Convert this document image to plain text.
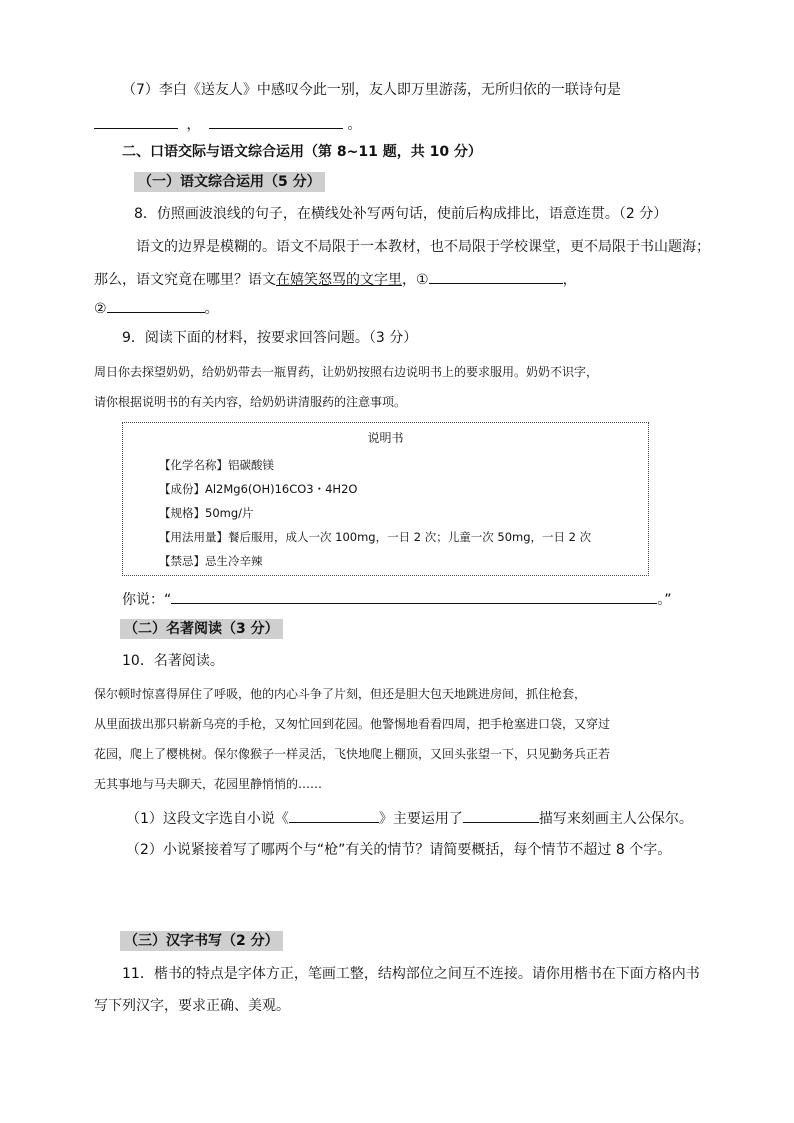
（7）李白《送友人》中感叹今此一别，友人即万里游荡，无所归依的一联诗句是
，	。
二、口语交际与语文综合运用（第 8~11 题，共 10 分）
（一）语文综合运用（5 分）
8．仿照画波浪线的句子，在横线处补写两句话，使前后构成排比，语意连贯。（2 分）
语文的边界是模糊的。语文不局限于一本教材，也不局限于学校课堂，更不局限于书山题海；
那么，语文究竟在哪里？语文在嬉笑怒骂的文字里，①	，
②	。
9．阅读下面的材料，按要求回答问题。（3 分）
周日你去探望奶奶，给奶奶带去一瓶胃药，让奶奶按照右边说明书上的要求服用。奶奶不识字，
请你根据说明书的有关内容，给奶奶讲清服药的注意事项。
说明书
【化学名称】铝碳酸镁
【成份】Al2Mg6(OH)16CO3・4H2O
【规格】50mg/片
【用法用量】餐后服用，成人一次 100mg，一日 2 次；儿童一次 50mg，一日 2 次
【禁忌】忌生冷辛辣
你说：“	。”
（二）名著阅读（3 分）
10．名著阅读。
保尔顿时惊喜得屏住了呼吸，他的内心斗争了片刻，但还是胆大包天地跳进房间，抓住枪套，
从里面拔出那只崭新乌亮的手枪，又匆忙回到花园。他警惕地看看四周，把手枪塞进口袋，又穿过
花园，爬上了樱桃树。保尔像猴子一样灵活，飞快地爬上棚顶，又回头张望一下，只见勤务兵正若
无其事地与马夫聊天，花园里静悄悄的……
（1）这段文字选自小说《	》主要运用了	描写来刻画主人公保尔。
（2）小说紧接着写了哪两个与“枪”有关的情节？请简要概括，每个情节不超过 8 个字。
（三）汉字书写（2 分）
11．楷书的特点是字体方正，笔画工整，结构部位之间互不连接。请你用楷书在下面方格内书
写下列汉字，要求正确、美观。
